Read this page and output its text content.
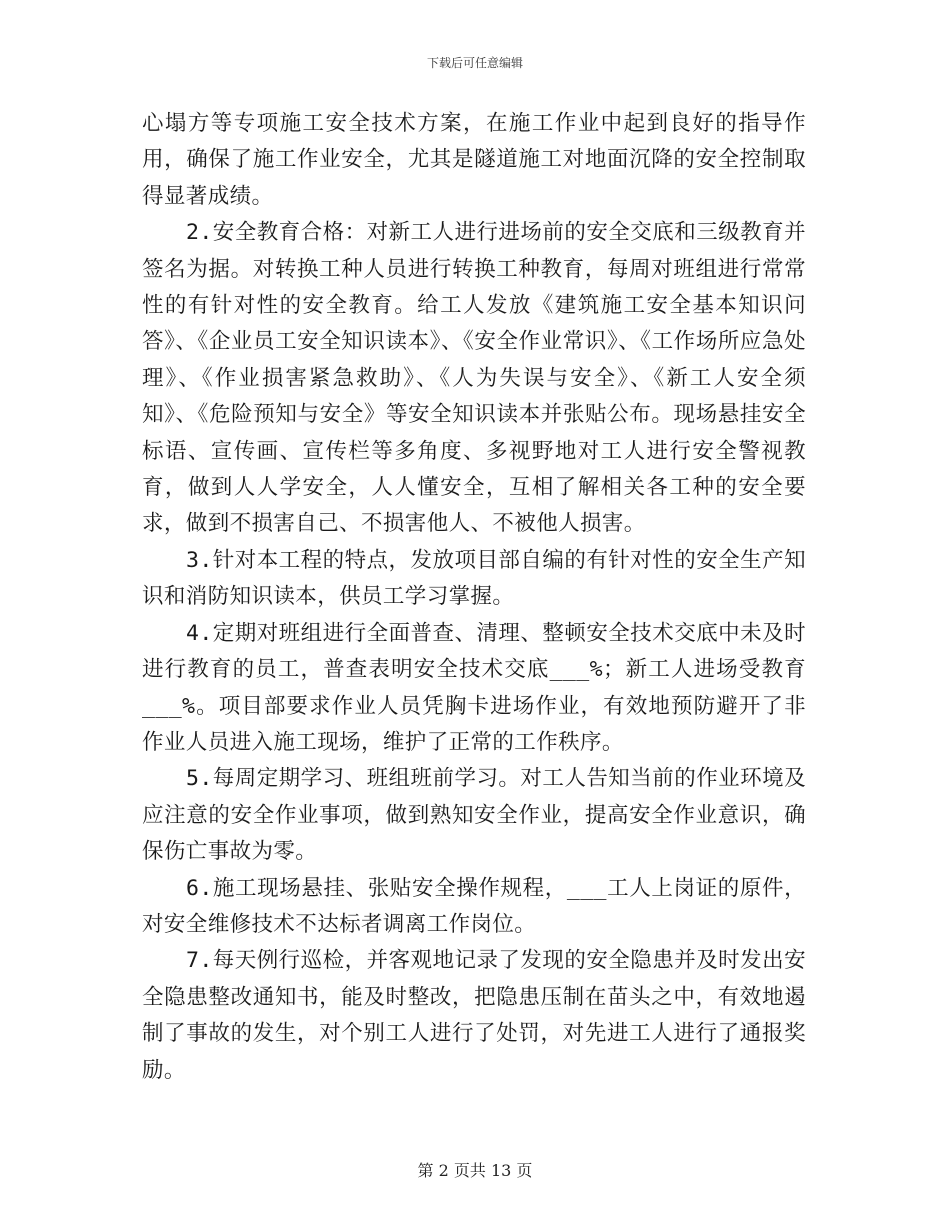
下载后可任意编辑

心塌方等专项施工安全技术方案，在施工作业中起到良好的指导作用，确保了施工作业安全，尤其是隧道施工对地面沉降的安全控制取得显著成绩。

2.安全教育合格：对新工人进行进场前的安全交底和三级教育并签名为据。对转换工种人员进行转换工种教育，每周对班组进行常常性的有针对性的安全教育。给工人发放《建筑施工安全基本知识问答》、《企业员工安全知识读本》、《安全作业常识》、《工作场所应急处理》、《作业损害紧急救助》、《人为失误与安全》、《新工人安全须知》、《危险预知与安全》等安全知识读本并张贴公布。现场悬挂安全标语、宣传画、宣传栏等多角度、多视野地对工人进行安全警视教育，做到人人学安全，人人懂安全，互相了解相关各工种的安全要求，做到不损害自己、不损害他人、不被他人损害。

3.针对本工程的特点，发放项目部自编的有针对性的安全生产知识和消防知识读本，供员工学习掌握。

4.定期对班组进行全面普查、清理、整顿安全技术交底中未及时进行教育的员工，普查表明安全技术交底___%；新工人进场受教育___%。项目部要求作业人员凭胸卡进场作业，有效地预防避开了非作业人员进入施工现场，维护了正常的工作秩序。

5.每周定期学习、班组班前学习。对工人告知当前的作业环境及应注意的安全作业事项，做到熟知安全作业，提高安全作业意识，确保伤亡事故为零。

6.施工现场悬挂、张贴安全操作规程，___工人上岗证的原件，对安全维修技术不达标者调离工作岗位。

7.每天例行巡检，并客观地记录了发现的安全隐患并及时发出安全隐患整改通知书，能及时整改，把隐患压制在苗头之中，有效地遏制了事故的发生，对个别工人进行了处罚，对先进工人进行了通报奖励。

第 2 页共 13 页
